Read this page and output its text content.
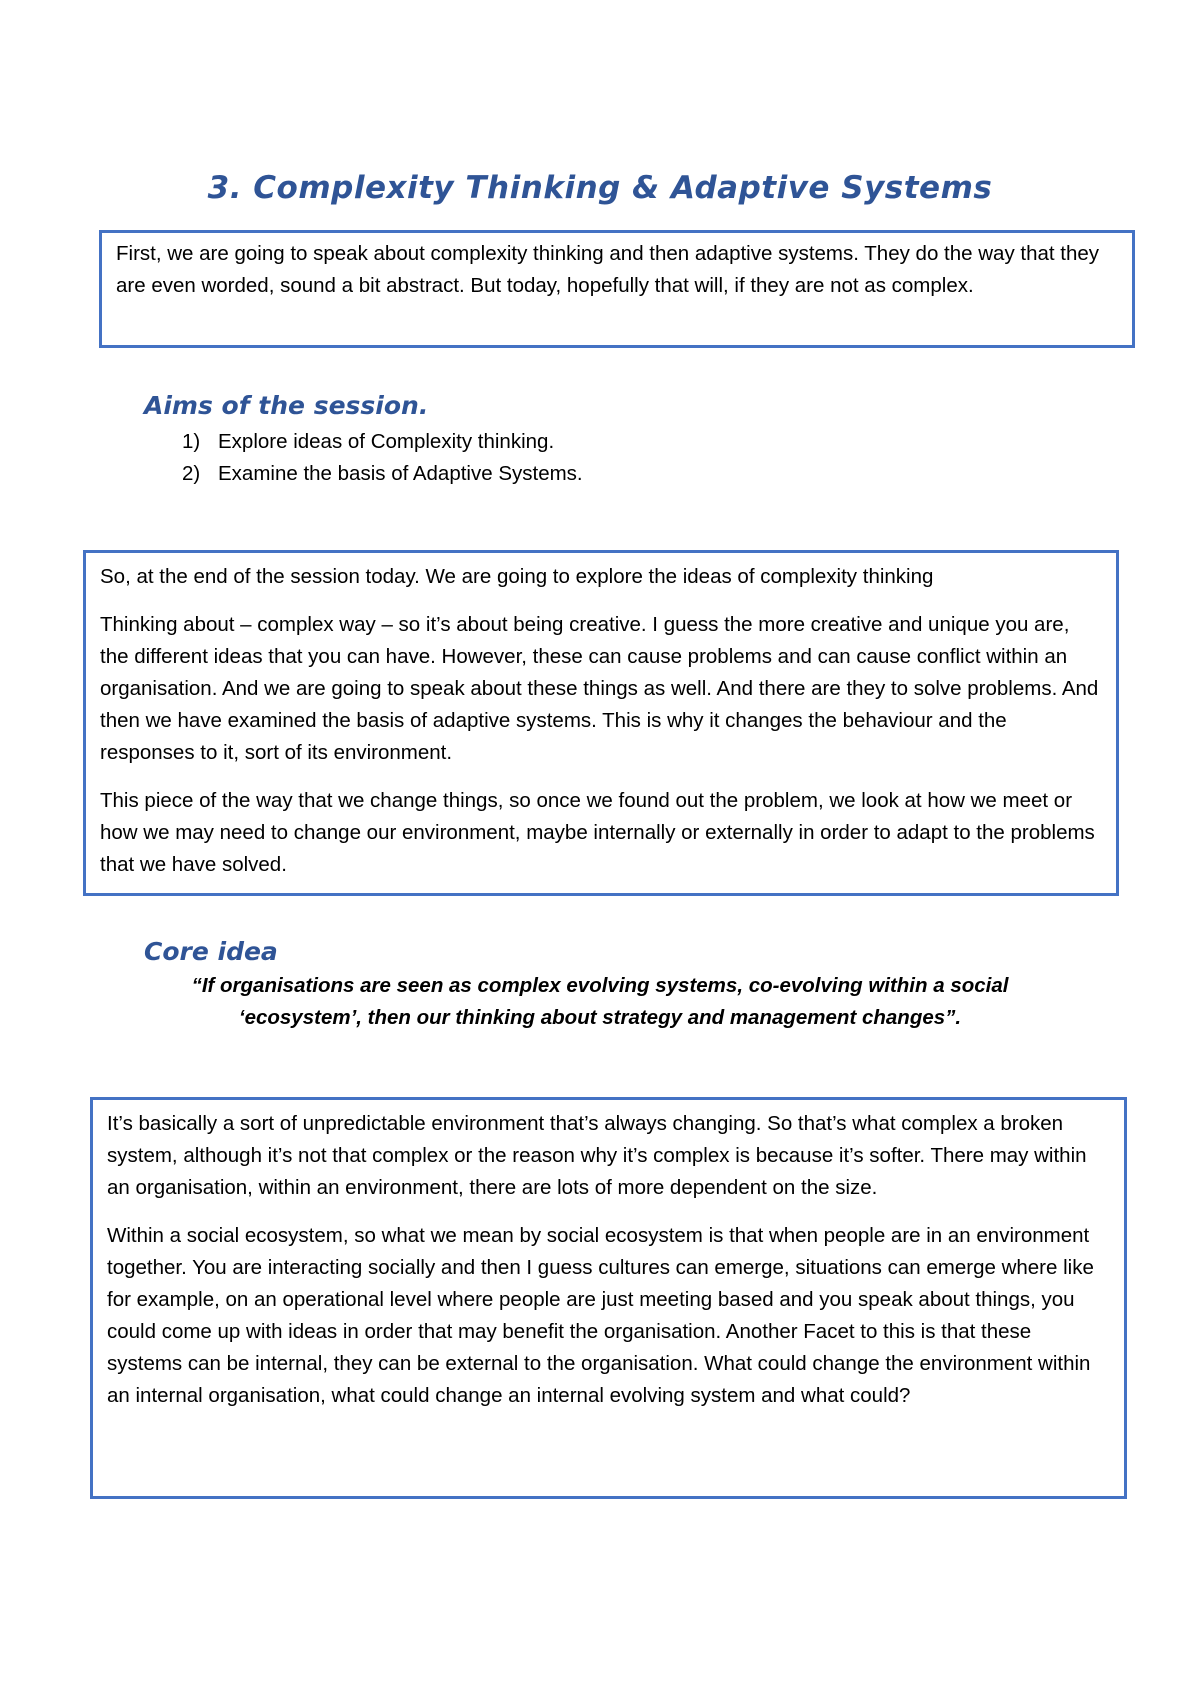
3. Complexity Thinking & Adaptive Systems

First, we are going to speak about complexity thinking and then adaptive systems. They do the way that they are even worded, sound a bit abstract. But today, hopefully that will, if they are not as complex.

Aims of the session.
1) Explore ideas of Complexity thinking.
2) Examine the basis of Adaptive Systems.

So, at the end of the session today. We are going to explore the ideas of complexity thinking

Thinking about – complex way – so it’s about being creative. I guess the more creative and unique you are, the different ideas that you can have. However, these can cause problems and can cause conflict within an organisation. And we are going to speak about these things as well. And there are they to solve problems. And then we have examined the basis of adaptive systems. This is why it changes the behaviour and the responses to it, sort of its environment.

This piece of the way that we change things, so once we found out the problem, we look at how we meet or how we may need to change our environment, maybe internally or externally in order to adapt to the problems that we have solved.

Core idea

“If organisations are seen as complex evolving systems, co-evolving within a social ‘ecosystem’, then our thinking about strategy and management changes”.

It’s basically a sort of unpredictable environment that’s always changing. So that’s what complex a broken system, although it’s not that complex or the reason why it’s complex is because it’s softer. There may within an organisation, within an environment, there are lots of more dependent on the size.

Within a social ecosystem, so what we mean by social ecosystem is that when people are in an environment together. You are interacting socially and then I guess cultures can emerge, situations can emerge where like for example, on an operational level where people are just meeting based and you speak about things, you could come up with ideas in order that may benefit the organisation. Another Facet to this is that these systems can be internal, they can be external to the organisation. What could change the environment within an internal organisation, what could change an internal evolving system and what could?
